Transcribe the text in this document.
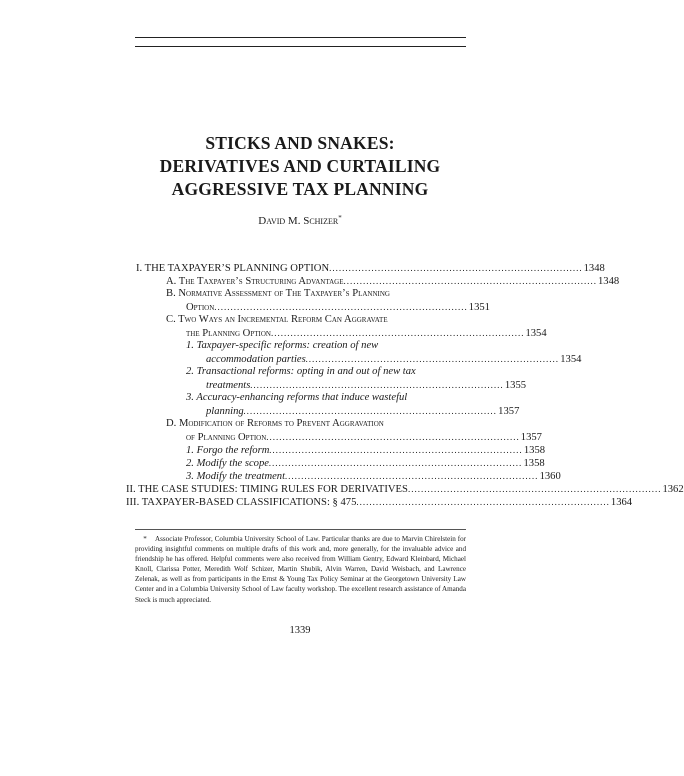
STICKS AND SNAKES:
DERIVATIVES AND CURTAILING
AGGRESSIVE TAX PLANNING
David M. Schizer*
I. THE TAXPAYER’S PLANNING OPTION .............................................................................. 1348
A. The Taxpayer’s Structuring Advantage .............................................................................. 1348
B. Normative Assessment of The Taxpayer’s Planning
Option .............................................................................. 1351
C. Two Ways an Incremental Reform Can Aggravate
the Planning Option .............................................................................. 1354
1. Taxpayer-specific reforms: creation of new
accommodation parties .............................................................................. 1354
2. Transactional reforms: opting in and out of new tax
treatments .............................................................................. 1355
3. Accuracy-enhancing reforms that induce wasteful
planning .............................................................................. 1357
D. Modification of Reforms to Prevent Aggravation
of Planning Option .............................................................................. 1357
1. Forgo the reform .............................................................................. 1358
2. Modify the scope .............................................................................. 1358
3. Modify the treatment .............................................................................. 1360
II. THE CASE STUDIES: TIMING RULES FOR DERIVATIVES .............................................................................. 1362
III. TAXPAYER-BASED CLASSIFICATIONS: § 475 .............................................................................. 1364
* Associate Professor, Columbia University School of Law. Particular thanks are due to Marvin Chirelstein for providing insightful comments on multiple drafts of this work and, more generally, for the invaluable advice and friendship he has offered. Helpful comments were also received from William Gentry, Edward Kleinbard, Michael Knoll, Clarissa Potter, Meredith Wolf Schizer, Martin Shubik, Alvin Warren, David Weisbach, and Lawrence Zelenak, as well as from participants in the Ernst & Young Tax Policy Seminar at the Georgetown University Law Center and in a Columbia University School of Law faculty workshop. The excellent research assistance of Amanda Steck is much appreciated.
1339
